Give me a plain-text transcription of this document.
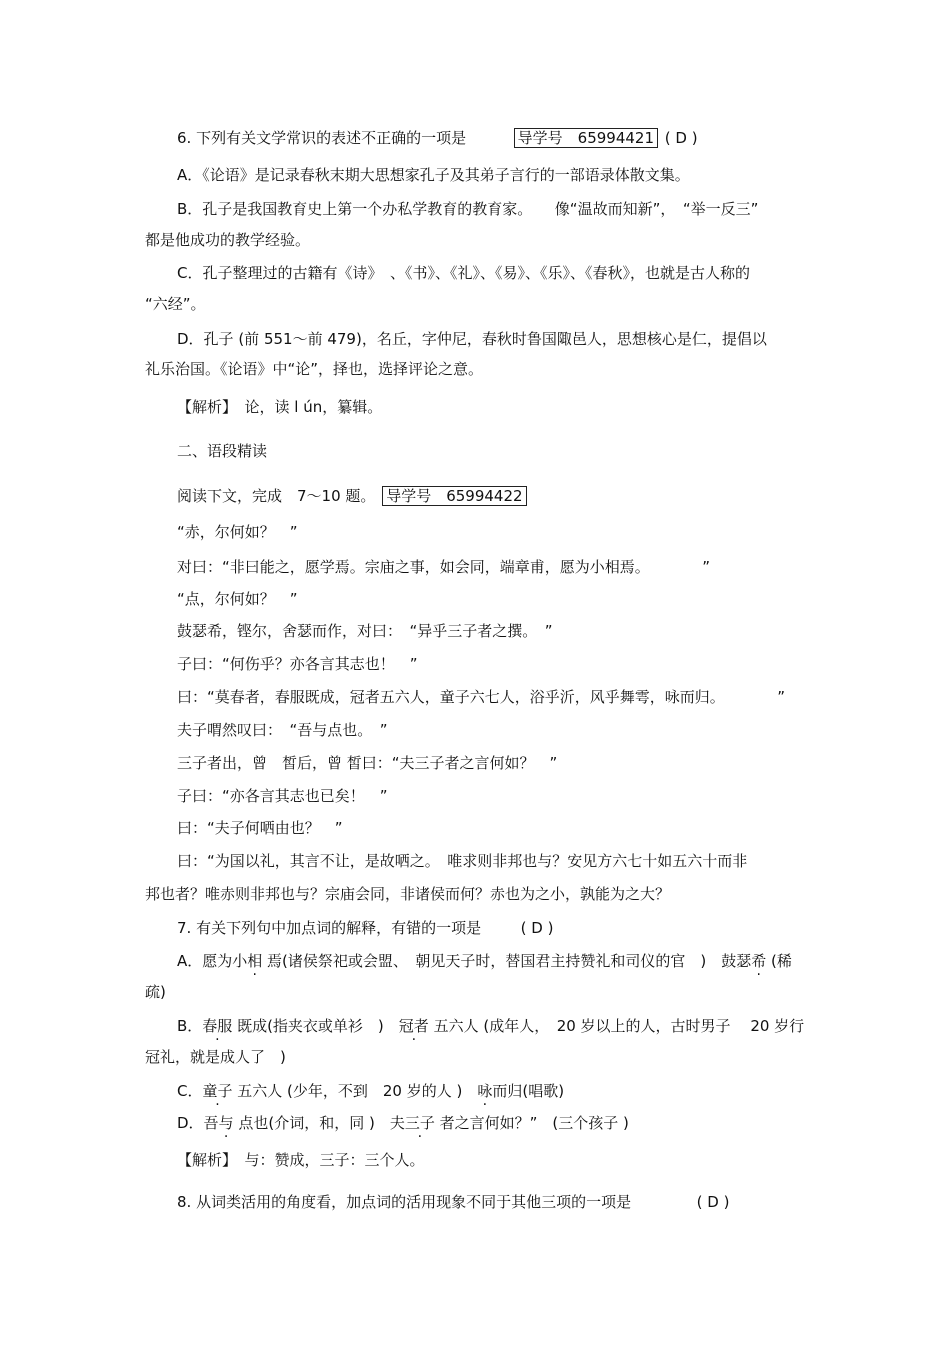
6. 下列有关文学常识的表述不正确的一项是	导学号　65994421 ( D )
A．《论语》是记录春秋末期大思想家孔子及其弟子言行的一部语录体散文集。
B．孔子是我国教育史上第一个办私学教育的教育家。　　像“温故而知新”，　“举一反三”
都是他成功的教学经验。
C．孔子整理过的古籍有《诗》　、《书》、《礼》、《易》、《乐》、《春秋》，也就是古人称的
“六经”。
D．孔子 (前 551～前 479)，名丘，字仲尼，春秋时鲁国陬邑人，思想核心是仁，提倡以
礼乐治国。《论语》中“论”，择也，选择评论之意。
【解析】　论，读 l ún，纂辑。
二、语段精读
阅读下文，完成　7～10 题。 导学号　65994422
“赤，尔何如？　”
对曰：“非曰能之，愿学焉。宗庙之事，如会同，端章甫，愿为小相焉。　　　　”
“点，尔何如？　”
鼓瑟希，铿尔，舍瑟而作，对曰：　“异乎三子者之撰。　”
子曰：“何伤乎？亦各言其志也！　”
曰：“莫春者，春服既成，冠者五六人，童子六七人，浴乎沂，风乎舞雩，咏而归。　　　　”
夫子喟然叹曰：　“吾与点也。　”
三子者出，曾　皙后，曾 皙曰：“夫三子者之言何如？　”
子曰：“亦各言其志也已矣！　”
曰：“夫子何哂由也？　”
曰：“为国以礼，其言不让，是故哂之。　唯求则非邦也与？安见方六七十如五六十而非
邦也者？唯赤则非邦也与？宗庙会同，非诸侯而何？赤也为之小，孰能为之大？
7. 有关下列句中加点词的解释，有错的一项是	( D )
A．愿为小相 焉(诸侯祭祀或会盟、　朝见天子时，替国君主持赞礼和司仪的官　)　鼓瑟希 (稀
疏)
B．春服 既成(指夹衣或单衫　)　冠者 五六人 (成年人，　20 岁以上的人，古时男子　 20 岁行
冠礼，就是成人了　)
C．童子 五六人 (少年，不到　20 岁的人 )　咏而归(唱歌)
D．吾与 点也(介词，和，同 )　夫三子 者之言何如？”　(三个孩子 )
【解析】　与：赞成，三子：三个人。
8. 从词类活用的角度看，加点词的活用现象不同于其他三项的一项是	( D )
